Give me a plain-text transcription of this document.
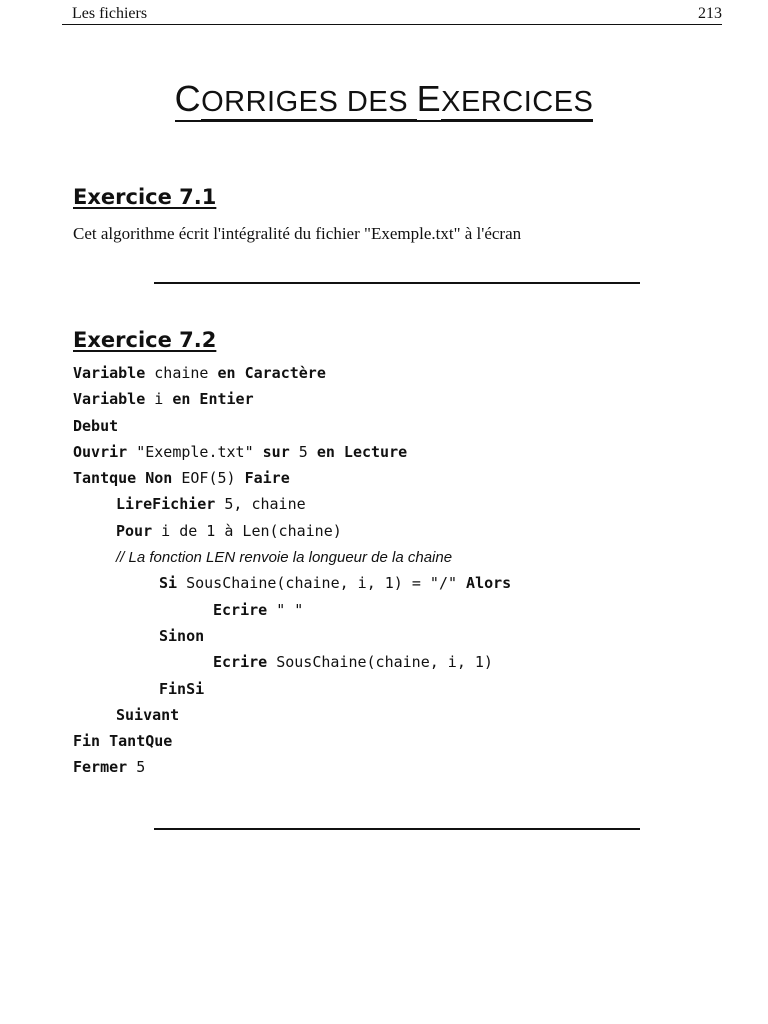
Les fichiers	213
CORRIGES DES EXERCICES
Exercice 7.1
Cet algorithme écrit l'intégralité du fichier "Exemple.txt" à l'écran
Exercice 7.2
Variable chaine en Caractère
Variable i en Entier
Debut
Ouvrir "Exemple.txt" sur 5 en Lecture
Tantque Non EOF(5) Faire
LireFichier 5, chaine
Pour i de 1 à Len(chaine)
// La fonction LEN renvoie la longueur de la chaine
Si SousChaine(chaine, i, 1) = "/" Alors
Ecrire " "
Sinon
Ecrire SousChaine(chaine, i, 1)
FinSi
Suivant
Fin TantQue
Fermer 5
